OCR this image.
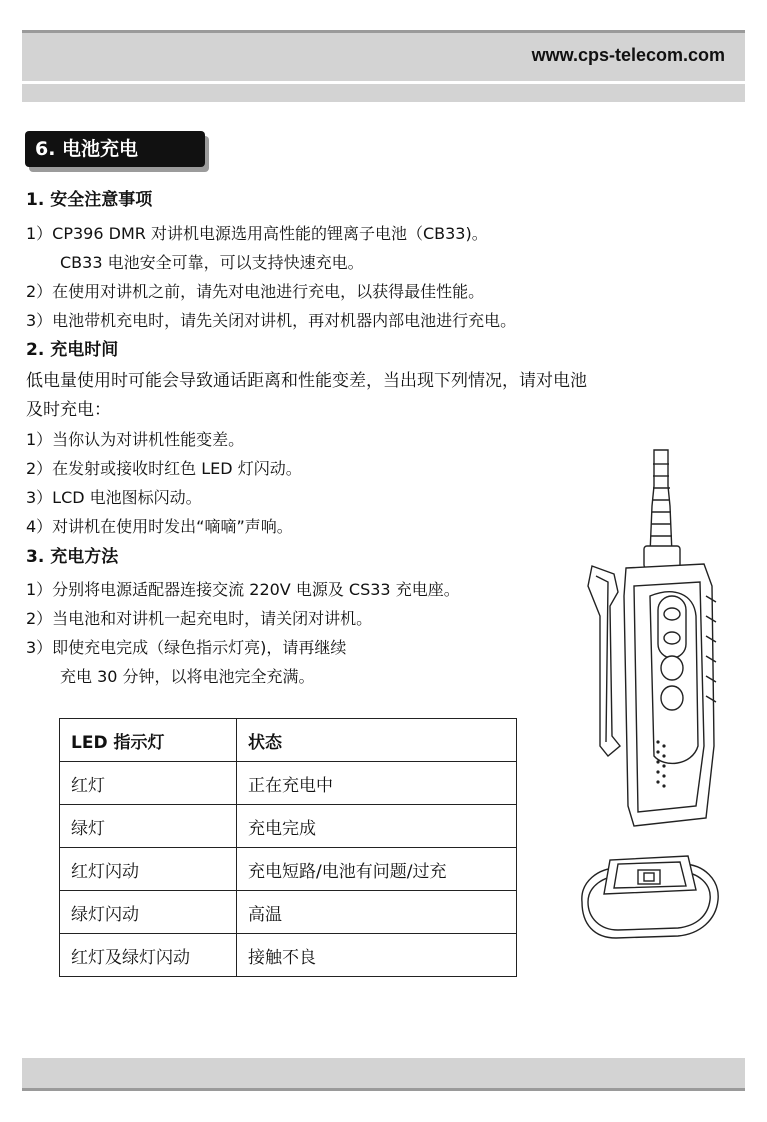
www.cps-telecom.com
6. 电池充电
1. 安全注意事项
1）CP396 DMR 对讲机电源选用高性能的锂离子电池（CB33)。
CB33 电池安全可靠，可以支持快速充电。
2）在使用对讲机之前，请先对电池进行充电，以获得最佳性能。
3）电池带机充电时，请先关闭对讲机，再对机器内部电池进行充电。
2. 充电时间
低电量使用时可能会导致通话距离和性能变差，当出现下列情况，请对电池
及时充电：
1）当你认为对讲机性能变差。
2）在发射或接收时红色 LED 灯闪动。
3）LCD 电池图标闪动。
4）对讲机在使用时发出“嘀嘀”声响。
3. 充电方法
1）分别将电源适配器连接交流 220V 电源及 CS33 充电座。
2）当电池和对讲机一起充电时，请关闭对讲机。
3）即使充电完成（绿色指示灯亮)，请再继续
充电 30 分钟，以将电池完全充满。
LED 指示灯	状态
红灯	正在充电中
绿灯	充电完成
红灯闪动	充电短路/电池有问题/过充
绿灯闪动	高温
红灯及绿灯闪动	接触不良
